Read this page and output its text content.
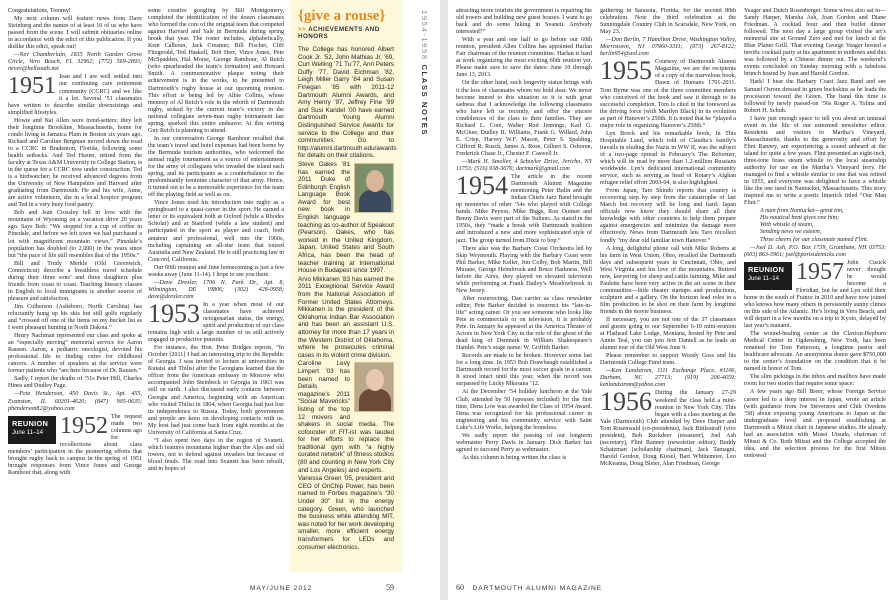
Congratulations, Tommy!

My next column will feature news from Dave Steinberg and the names of at least 16 of us who have passed from the scene. I will submit obituaries online in accordance with the edict of this publication. If you dislike this edict, speak out!

—Nev Chamberlain, 1835 North Garden Grove Circle, Vero Beach, FL 32962; (772) 569-2893; nevev@bellsouth.net

1951 Jean and I are well settled into our continuing care retirement community (CCRC) and we like it a lot. Several ’51 classmates have written to describe similar downsizings and simplified lifestyles.

Howie and Nat Allen were trend-setters; they left their longtime Brookline, Massachusetts, home for condo living in Jamaica Plain in Boston six years ago. Richard and Caroline Bergman moved down the road to a CCRC in Bradenton, Florida, following some health setbacks. And Ted Hazen, retired from the faculty at Texas A&M University in College Station, is in the queue for a CCRC now under construction. Ted is a birdwatcher; he received advanced degrees from the University of New Hampshire and Harvard after graduating from Dartmouth. He and his wife, Anne, are active volunteers, she in a local hospice program and Ted in a very busy food pantry.

Bob and Jean Crossley fell in love with the mountains of Wyoming on a vacation drive 20 years ago. Says Bob: “We stopped for a cup of coffee in Pinedale, and before we left town we had purchased a lot with magnificent mountain views.” Pinedale’s population has doubled (to 2,000) in the years since but “the pace of life still resembles that of the 1950s.”

Bill and Trudy Merkle (Old Greenwich, Connecticut) describe a breathless travel schedule during their three sons’ and three daughters plus friends from coast to coast. Teaching literacy classes in English to local immigrants is another source of pleasure and satisfaction.

Jim Culberson (Asheboro, North Carolina) has reluctantly hung up his skis but still golfs regularly and “crossed off one of the items on my bucket list as I went pheasant hunting in North Dakota.”

Henry Nachman represented our class and spoke at an “especially moving” memorial service for Aaron Rausen. Aaron, a pediatric oncologist, devoted his professional life to finding cures for childhood cancers. A number of speakers at the service were former patients who “are here because of Dr. Rausen.”

Sadly, I report the deaths of ’51s Peter Hill, Charles Hines and Dudley Page.

—Pete Henderson, 450 Davis St., Apt. 455, Evanston, IL 60201-4620; (847) 905-0635; phenderson82@yahoo.com

REUNION
June 11–14 1952 The request made two columns ago for recollections about class members’ participation in the pioneering efforts that brought rugby back to campus in the spring of 1951 brought responses from Vince Jones and George Rambour that, along with

some creative googling by Bill Montgomery, completed the identification of the dozen classmates who formed the core of the original team that competed against Harvard and Yale in Bermuda during spring break that year. The roster includes, alphabetically, Kent Calhoun, Jack Creamer, Bill Fischer, Cliff Fitzgerald, Ted Haskell, Bob Herr, Vince Jones, Pete McSpadden, Hal Morse, George Rambour, Al Reich (who spearheaded the team’s formation) and Howard Smith. A commemorative plaque noting their achievement is in the works, to be presented to Dartmouth’s rugby house at our upcoming reunion. This effort is being led by Albie Collins, whose memory of Al Reich’s role in the rebirth of Dartmouth rugby, stoked by the current team’s victory in the national collegiate seven-man rugby tournament last spring, sparked this entire endeavor. At this writing Guy Reich is planning to attend.

In our conversation George Rambour recalled that the team’s travel and hotel expenses had been borne by the Bermuda tourism authorities, who welcomed the annual rugby tournament as a source of entertainment for the army of collegians who invaded the island each spring, and its participants as a counterbalance to the predominantly feminine character of that army. Hence, it turned out to be a memorable experience for the team off the playing field as well as on.

Vince Jones used his introduction into rugby as a springboard to a quasi-career in the sport. He earned a letter or its equivalent both at Oxford (while a Rhodes Scholar) and at Stanford (while a law student) and participated in the sport as player and coach, both amateur and professional, well into the 1960s, including captaining an all-star team that toured Australia and New Zealand. He is still practicing law in Concord, California.

Our 60th reunion and June homecoming is just a few weeks away (June 11-14). I hope to see you there.

—Dave Drexler, 1706 N. Park Dr., Apt. 8, Wilmington, DE 19806; (302) 428-0958; dave@drexler.com

1953 In a year when most of our classmates have achieved octogenarian status, the energy, spirit and production of our class remains high with a large number of us still actively engaged in productive pursuits.

For instance, the Hon. Peter Bridges reports, “In October [2011] I had an interesting trip to the Republic of Georgia. I was invited to lecture at universities in Kutaisi and Tbilisi after the Georgians learned that the officer from the American embassy in Moscow who accompanied John Steinbeck to Georgia in 1963 was still on earth. I also discussed early contacts between Georgia and America, beginning with an American who visited Tbilisi in 1804, when Georgia had just lost its independence to Russia. Today, both government and people are keen on developing contacts with us. My host had just come back from eight months at the University of California at Santa Cruz.

“I also spent two days in the region of Svaneti, which features mountains higher than the Alps and old towers, not to defend against invaders but because of blood feuds. The road into Svaneti has been rebuilt, and in hopes of

{give a rouse}
>> ACHIEVEMENTS AND HONORS

The College has honored Albert Cook Jr. ’52, John Mathias Jr. ’69, Curt Welling ’71 Tu’77, Ann Peters Duffy ’77, David Eichman ’82, Leigh Miller Garry ’84 and Susan Finegan ’85 with 2011-12 Dartmouth Alumni Awards, and Amy Henry ’97, Jeffrey Fine ’99 and Susi Kandel ’00 have earned Dartmouth Young Alumni Distinguished Service Awards for service to the College and their communities. Go to http://alumni.dartmouth.edu/awards for details on their citations.

Steve Oakes ’81 has earned the 2011 Duke of Edinburgh English Language Book Award for best new book in English language teaching as co-author of Speakout (Pearson). Oakes, who has worked in the United Kingdom, Japan, United States and South Africa, has been the head of teacher training at International House in Budapest since 1997.

Arvo Mikkanen ’83 has earned the 2011 Exceptional Service Award from the National Association of Former United States Attorneys. Mikkanen is the president of the Oklahoma Indian Bar Association and has been an assistant U.S. attorney for more than 17 years in the Western District of Oklahoma, where he prosecutes criminal cases in its violent crime division.

Caroline Levy Limpert ’03 has been named to Details magazine’s 2011 “Social Mavericks” listing of the top 12 movers and shakers in social media. The cofounder of FIT-ist was lauded for her efforts to replace the traditional gym with “a highly curated network” of fitness studios (80 and counting in New York City and Los Angeles) and experts.

Vanessa Green ’05, president and CEO of OnChip Power, has been named to Forbes magazine’s “30 Under 30” list in the energy category. Green, who launched the business while attending MIT, was noted for her work developing smaller, more efficient energy transformers for LEDs and consumer electronics.

1954-1958 CLASS NOTES
MAY/JUNE 2012	59

attracting more tourists the government is repairing the old towers and building new guest houses. I want to go back and do some hiking in Svaneti. Anybody interested?”

With a year and one half to go before our 60th reunion, president Allen Collins has appointed Harlan Fair chairman of the reunion committee. Harlan is hard at work organizing the most exciting 60th reunion yet. Please make sure to save the dates: June 10 through June 13, 2013.

On the other hand, such longevity status brings with it the loss of classmates whom we hold dear. We never become inured to this situation so it is with great sadness that I acknowledge the following classmates who have left us recently, and offer the sincere condolences of the class to their families. They are Richard L. Core, Walter Rod Jennings, Karl G. McGhee, Dudley R. Williams, Frank G. Willard, John E. Crisp, Harvey W.F. Mason, Peter S. Spalding, Clifford R. Rusch, James A. Rose, Gilbert S. Osborne, Frederick Chase Jr., Chester F. Caswell Jr.

—Mark H. Smoller, 4 Schuyler Drive, Jericho, NY 11753; (516) 938-3676; dartmark@gmail.com

1954 The article in the recent Dartmouth Alumni Magazine mentioning Peter Bulin and the Indian Chiefs Jazz Band brought up memories of other ’54s who played with College bands. Mike Peyton, Mike Biggs, Ron Ouimet and Benny Davis were part of the Sultans. As stated in the 1950s, they “made a break with Dartmouth tradition and introduced a new and more sophisticated style of jazz. The group turned from Dixie to bop.”

There also was the Barbary Coast Orchestra led by Skip Weymouth. Playing with the Barbary Coast were Phil Barker, Mike Keller, Jim Colby, Bob Martin, Bill Murane, George Heimbrook and Bruce Harkness. Well before the Aires, they played on elevated television while performing at Frank Dailey’s Meadowbrook in New Jersey.

After resurrecting, Dan carrier as class newsletter editor, Pete Barker decided to resurrect his “late-in-life” acting career. Or you see someone who looks like Pete in commercials or on television, it is probably Pete. In January he appeared at the America Theater of Actors in New York City in the role of the ghost of the dead king of Denmark in William Shakespeare’s Hamlet. Pete’s stage name: W. Griffith Barker.

Records are made to be broken. However some last for a long time. In 1953 Bob Drawbaugh established a Dartmouth record for the most soccer goals in a career. It stood intact until this year, when the record was surpassed by Lucky Mkosana ’12.

At the December ’54 holiday luncheon at the Yale Club, attended by 50 (spouses included) for the first time, Dena Low was awarded the Class of 1954 Award. Dena was recognized for his professional career in engineering and his community service with Saint Luke’s Life Works, helping the homeless.

We sadly report the passing of our longterm webmaster Perry Davis in January. Dick Barker has agreed to succeed Perry as webmaster.

As this column is being written the class is

gathering in Sarasota, Florida, for the second 80th celebration. Note the third celebration at the Sunningdale Country Club in Scarsdale, New York, on May 23.

—Don Berlin, 7 Hamilton Drive, Washington Valley, Morristown, NJ 07960-3311; (973) 267-8122; berlin954@aol.com

1955 Courtesy of Dartmouth Alumni Magazine, we are the recipients of a copy of the marvelous book, Dawn of Humans 1701-2011. Tom Byrne was one of the three committee members who conceived of the book and saw it through to its successful completion. Tom is cited in the foreword as the driving force (with Marilyn Black) in its evolution as part of Hanover’s 250th. It is noted that he “played a major role in organizing Hanover’s 250th.”

Lyn Brock and his remarkable book, In This Hospitable Land, which told of Claudia’s family’s travails in eluding the Nazis in WW II, was the subject of a two-page spread in February’s The Reformer, which will be read by more than 1.2-million Russians worldwide. Lyn’s dedicated international community service, such as serving as head of Rotary’s Afghan refugee relief effort 2003-04, is also highlighted.

From Japan, Taro Shindo reports that country is recovering step by step from the catastrophe of last March but recovery will be long and hard. Japan officials now know they should share all their knowledge with other countries to help them prepare against emergencies and minimize the damage more effectively. News from Dartmouth lets Taro recollect fondly “my dear old familiar town Hanover.”

A long, delightful phone call with Mike Roberts at his farm in West Union, Ohio, recalled the Dartmouth days and subsequent years in Cincinnati, Ohio, and West Virginia and his love of the mountains. Retired now, lawyering for sheep and cattle farming, Mike and Paulette have been very active in the art scene in their communities—little theater startups and productions, sculpture and a gallery. On the horizon lead roles in a film production to be shot on their farm by longtime friends in the movie business.

If necessary, you are not one of the 37 classmates and guests going to our September 6-10 mini-reunion at Flathead Lake Lodge, Montana, hosted by Pete and Annie Teal, you can join Jere Daniell as he leads an alumni tour of the Old West June 9.

Please remember to support Woody Goss and his Dartmouth College Fund team.

—Ken Lundstrom, 1111 Exchange Place, #1106, Durham, NC 27713; (919) 206-4659; kenlundstrom@yahoo.com

1956 During the January 27-29 weekend the class held a mini-reunion in New York City. This began with a class meeting at the Yale (Dartmouth) Club attended by Dave Harper and Tom Rosenwald (co-presidents), Jack Bittlestraff (vice president), Bob Ruckdeer (treasurer), Joel Ash (secretary), Flint Ranney (newsletter editor), Buddy Schatzman (scholarship chairman), Jack Tamagni, Harold Gordon, Doug Kiesel, Bart Whittemore, Leo McKeanna, Doug Bleier, Alan Friedman, George

Yeager and Dutch Rosenberger. Some wives also sat in—Sandy Harper, Marsha Ash, Joan Gordon and Diane Friedman. A cocktail hour and then buffet dinner followed. The next day a large group visited the art’s memorial site at Ground Zero and met for lunch at the Blue Planet Grill. That evening George Yeager hosted a terrific cocktail party at his apartment in midtown and this was followed by a Chinese dinner out. The weekend’s events concluded on Sunday morning with a fabulous brunch hosted by Joan and Harold Gordon.

Hark! I hear the Barbary Coast Jazz Band and see Samuel Osrom dressed in green buckskins as he leads the procession toward the Green. The band this time is followed by newly passed-on ’56s Roger A. Tolina and Robert H. Schuh.

I have just enough space to tell you about an unusual event in the life of our esteemed newsletter editor. Residents and visitors to Martha’s Vineyard, Massachusetts, thanks to the generosity and effort by Flint Ranney, are experiencing a sound unheard at the island for quite a few years. Flint presented an eight-inch, three-tone brass steam whistle to the local steamship authority for use on the Martha’s Vineyard ferry. He managed to find a whistle similar to one that was retired in 1955, and everyone was delighted to have a whistle like the one used in Nantucket, Massachusetts. This story inspired me to write a poetic limerick titled “Our Man Flint.”

A man from Nantucket—great tim,
His nautical bent gives one him;
With whistle of steam,
Sending news we esteem,
Three cheers for our classmate named Flint.

—Joel D. Ash, P.O. Box 1739, Grantham, NH 03753; (603) 863-3961; joel@portsidemicks.com

REUNION
June 11–14 1957 John Cusick never thought he would become a Floridian, but he and Lyn sold their home in the south of France in 2010 and have now joined who knows how many others in persistently sunny climes on this side of the Atlantic. He’s living in Vero Beach, and will depart in a few months on a trip to Kyoto, delayed by last year’s tsunami.

The wound-healing center at the Claxton-Hepburn Medical Center in Ogdensburg, New York, has been renamed for Tom Patterson, a longtime pastor and healthcare advocate. An anonymous donor gave $750,000 to the center’s foundation on the condition that it be named in honor of Tom.

The slim pickings in the inbox and mailbox have made room for two stories that require some space:

A few years ago Bill Breer, whose Foreign Service career led to a deep interest in Japan, wrote an article (with guidance from Joe Stevenson and Chik Ovedens ’58) about exposing young Americans to Japan at the undergraduate level and proposed establishing at Dartmouth a Mitsui chair in Japanese studies. He already had an association with Mosei Utsuda, chairman of Mitsui & Co. Both Mitsui and the College accepted the idea, and the selection process for the first Mitsui endowed

60 DARTMOUTH ALUMNI MAGAZINE
